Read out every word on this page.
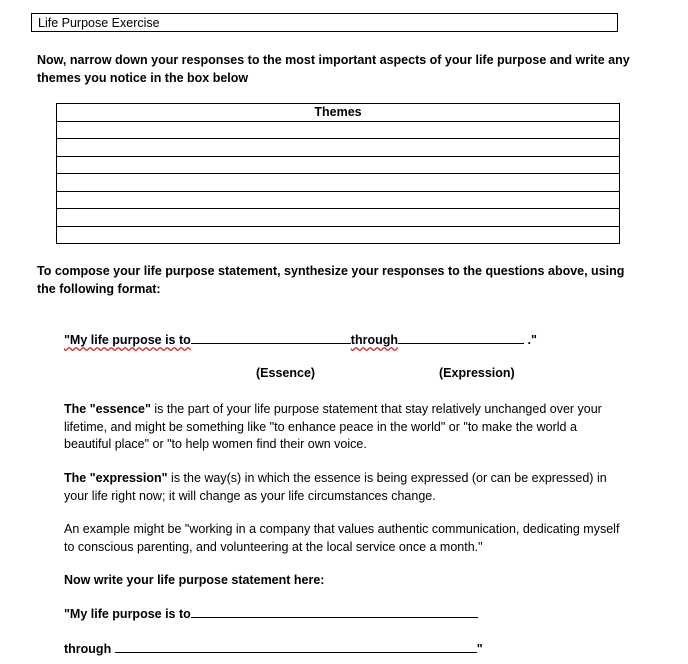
Life Purpose Exercise
Now, narrow down your responses to the most important aspects of your life purpose and write any themes you notice in the box below
Themes

To compose your life purpose statement, synthesize your responses to the questions above, using the following format:
"My life purpose is to	through	."
(Essence)	(Expression)
The "essence" is the part of your life purpose statement that stay relatively unchanged over your lifetime, and might be something like "to enhance peace in the world" or "to make the world a beautiful place" or "to help women find their own voice.
The "expression" is the way(s) in which the essence is being expressed (or can be expressed) in your life right now; it will change as your life circumstances change.
An example might be "working in a company that values authentic communication, dedicating myself to conscious parenting, and volunteering at the local service once a month."
Now write your life purpose statement here:
"My life purpose is to
through	"
